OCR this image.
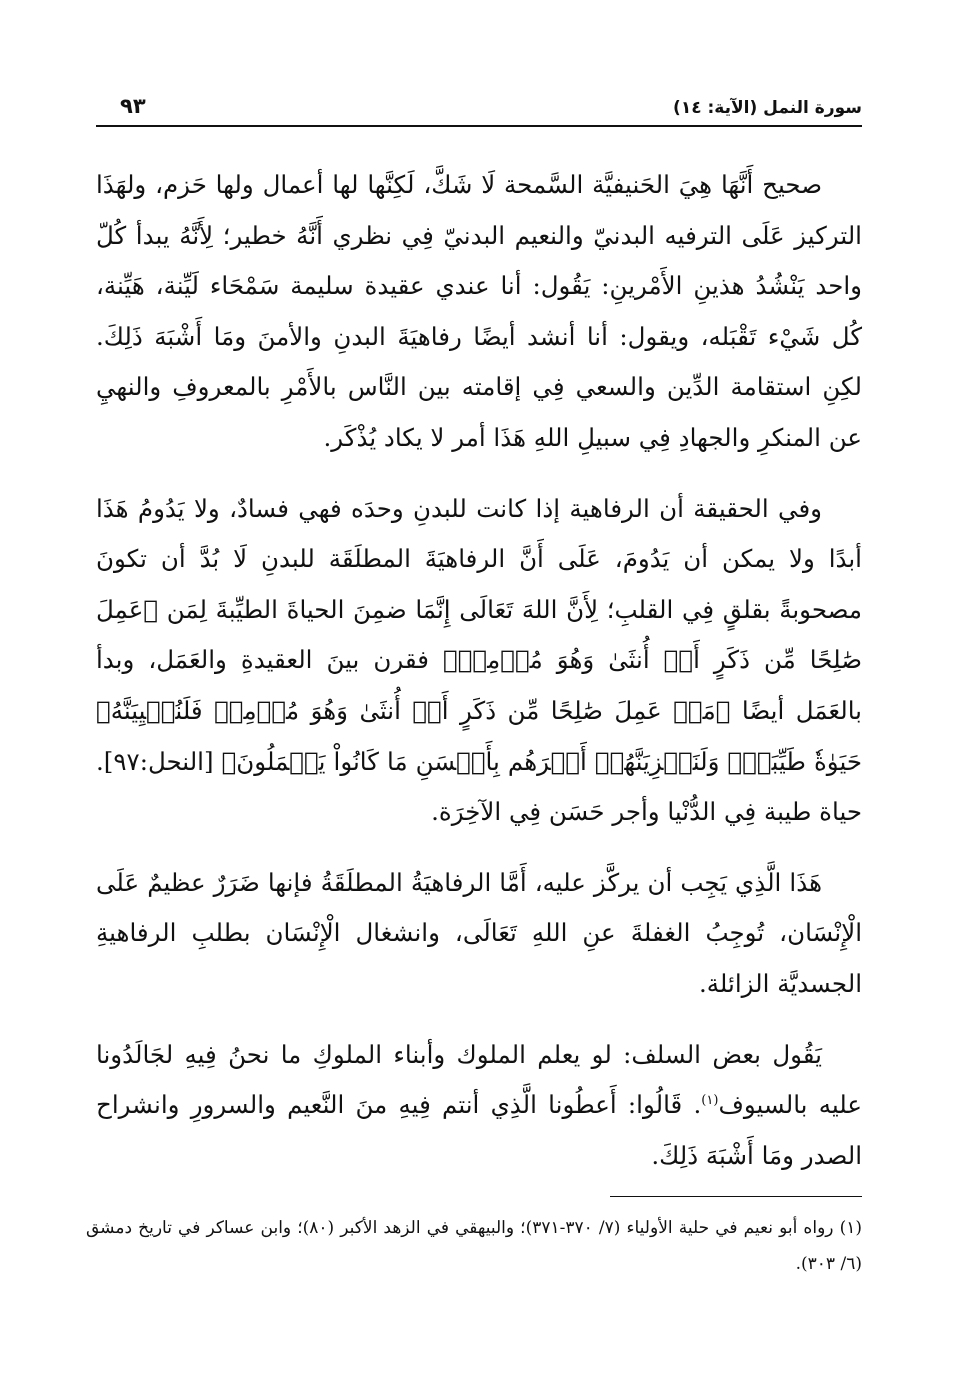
سورة النمل (الآية: ١٤)
٩٣

صحيح أَنَّهَا هِيَ الحَنيفيَّة السَّمحة لَا شَكَّ، لَكِنَّها لها أعمال ولها حَزم، ولهَذَا التركيز عَلَى الترفيه البدنيّ والنعيم البدنيّ فِي نظري أَنَّهُ خطير؛ لِأَنَّهُ يبدأ كُلّ واحد يَنْشُدُ هذينِ الأَمْرينِ: يَقُول: أنا عندي عقيدة سليمة سَمْحَاء لَيِّنة، هَيِّنة، كُل شَيْء تَقْبَله، ويقول: أنا أنشد أيضًا رفاهيَةَ البدنِ والأمنَ ومَا أَشْبَهَ ذَلِكَ. لكِنِ استقامة الدِّين والسعي فِي إقامته بين النَّاس بالأَمْرِ بالمعروفِ والنهيِ عن المنكرِ والجهادِ فِي سبيلِ اللهِ هَذَا أمر لا يكاد يُذْكَر.

وفي الحقيقة أن الرفاهية إذا كانت للبدنِ وحدَه فهي فسادٌ، ولا يَدُومُ هَذَا أبدًا ولا يمكن أن يَدُومَ، عَلَى أَنَّ الرفاهيَةَ المطلَقَة للبدنِ لَا بُدَّ أن تكونَ مصحوبةً بقلقٍ فِي القلبِ؛ لِأَنَّ اللهَ تَعَالَى إِنَّمَا ضمِنَ الحياةَ الطيِّبةَ لِمَن ﴿عَمِلَ صَٰلِحًا مِّن ذَكَرٍ أَوۡ أُنثَىٰ وَهُوَ مُؤۡمِنٞ﴾ فقرن بينَ العقيدةِ والعَمَل، وبدأ بالعَمَل أيضًا ﴿مَنۡ عَمِلَ صَٰلِحًا مِّن ذَكَرٍ أَوۡ أُنثَىٰ وَهُوَ مُؤۡمِنٞ فَلَنُحۡيِيَنَّهُۥ حَيَوٰةٗ طَيِّبَةٗۖ وَلَنَجۡزِيَنَّهُمۡ أَجۡرَهُم بِأَحۡسَنِ مَا كَانُواْ يَعۡمَلُونَ﴾ [النحل:٩٧]. حياة طيبة فِي الدُّنْيا وأجر حَسَن فِي الآخِرَة.

هَذَا الَّذِي يَجِب أن يركَّز عليه، أَمَّا الرفاهيَةُ المطلَقَةُ فإنها ضَرَرٌ عظيمٌ عَلَى الْإِنْسَان، تُوجِبُ الغفلةَ عنِ اللهِ تَعَالَى، وانشغال الْإِنْسَان بطلبِ الرفاهيةِ الجسديَّة الزائلة.

يَقُول بعض السلف: لو يعلم الملوك وأبناء الملوكِ ما نحنُ فِيهِ لجَالَدُونا عليه بالسيوف$^{(١)}$. قَالُوا: أَعطُونا الَّذِي أنتم فِيهِ منَ النَّعيم والسرورِ وانشراح الصدر ومَا أَشْبَهَ ذَلِكَ.

(١) رواه أبو نعيم في حلية الأولياء (٧/ ٣٧٠-٣٧١)؛ والبيهقي في الزهد الأكبر (٨٠)؛ وابن عساكر في تاريخ دمشق (٦/ ٣٠٣).
